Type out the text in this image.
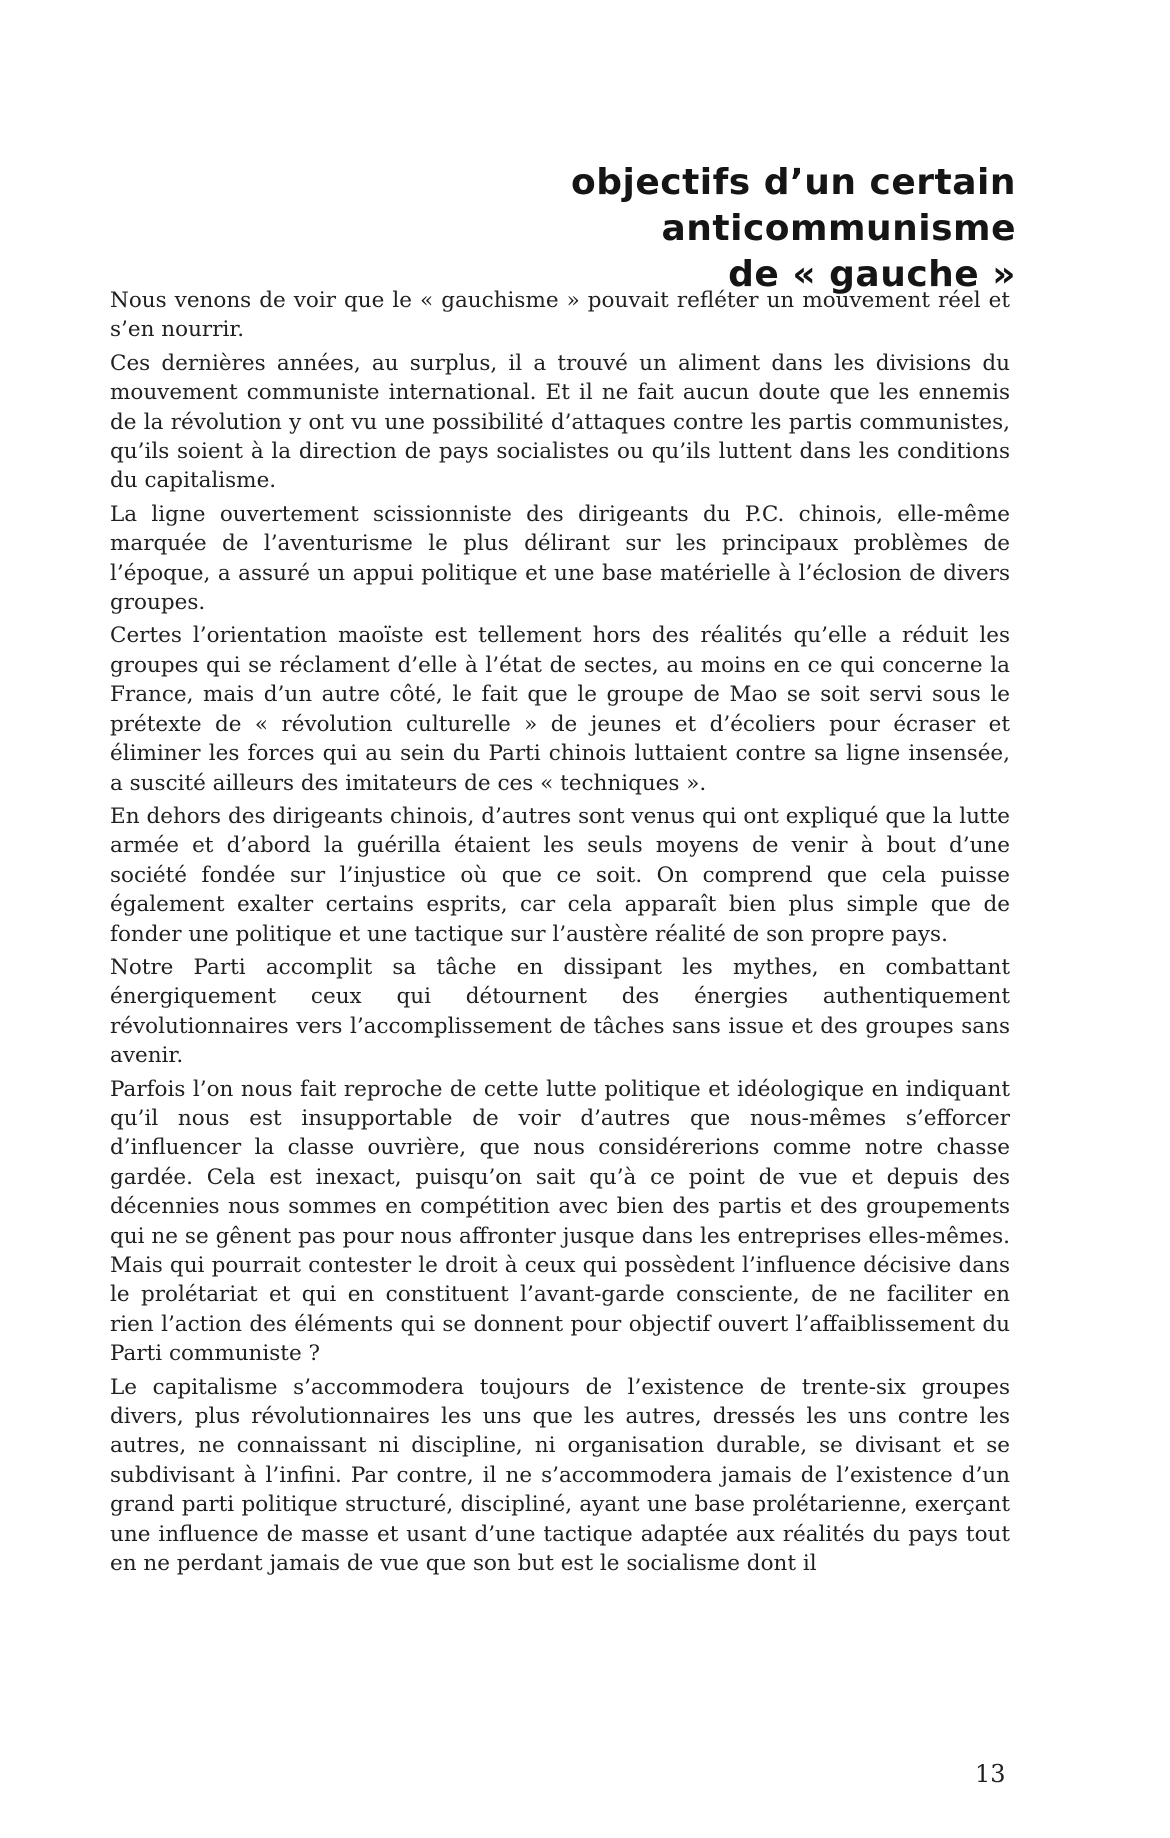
objectifs d’un certain
anticommunisme
de « gauche »

Nous venons de voir que le « gauchisme » pouvait refléter un mouvement réel et s’en nourrir.

Ces dernières années, au surplus, il a trouvé un aliment dans les divisions du mouvement communiste international. Et il ne fait aucun doute que les ennemis de la révolution y ont vu une possibilité d’attaques contre les partis communistes, qu’ils soient à la direction de pays socialistes ou qu’ils luttent dans les conditions du capitalisme.

La ligne ouvertement scissionniste des dirigeants du P.C. chinois, elle-même marquée de l’aventurisme le plus délirant sur les principaux problèmes de l’époque, a assuré un appui politique et une base matérielle à l’éclosion de divers groupes.

Certes l’orientation maoïste est tellement hors des réalités qu’elle a réduit les groupes qui se réclament d’elle à l’état de sectes, au moins en ce qui concerne la France, mais d’un autre côté, le fait que le groupe de Mao se soit servi sous le prétexte de « révolution culturelle » de jeunes et d’écoliers pour écraser et éliminer les forces qui au sein du Parti chinois luttaient contre sa ligne insensée, a suscité ailleurs des imitateurs de ces « techniques ».

En dehors des dirigeants chinois, d’autres sont venus qui ont expliqué que la lutte armée et d’abord la guérilla étaient les seuls moyens de venir à bout d’une société fondée sur l’injustice où que ce soit. On comprend que cela puisse également exalter certains esprits, car cela apparaît bien plus simple que de fonder une politique et une tactique sur l’austère réalité de son propre pays.

Notre Parti accomplit sa tâche en dissipant les mythes, en combattant énergiquement ceux qui détournent des énergies authentiquement révolutionnaires vers l’accomplissement de tâches sans issue et des groupes sans avenir.

Parfois l’on nous fait reproche de cette lutte politique et idéologique en indiquant qu’il nous est insupportable de voir d’autres que nous-mêmes s’efforcer d’influencer la classe ouvrière, que nous considérerions comme notre chasse gardée. Cela est inexact, puisqu’on sait qu’à ce point de vue et depuis des décennies nous sommes en compétition avec bien des partis et des groupements qui ne se gênent pas pour nous affronter jusque dans les entreprises elles-mêmes. Mais qui pourrait contester le droit à ceux qui possèdent l’influence décisive dans le prolétariat et qui en constituent l’avant-garde consciente, de ne faciliter en rien l’action des éléments qui se donnent pour objectif ouvert l’affaiblissement du Parti communiste ?

Le capitalisme s’accommodera toujours de l’existence de trente-six groupes divers, plus révolutionnaires les uns que les autres, dressés les uns contre les autres, ne connaissant ni discipline, ni organisation durable, se divisant et se subdivisant à l’infini. Par contre, il ne s’accommodera jamais de l’existence d’un grand parti politique structuré, discipliné, ayant une base prolétarienne, exerçant une influence de masse et usant d’une tactique adaptée aux réalités du pays tout en ne perdant jamais de vue que son but est le socialisme dont il

13
